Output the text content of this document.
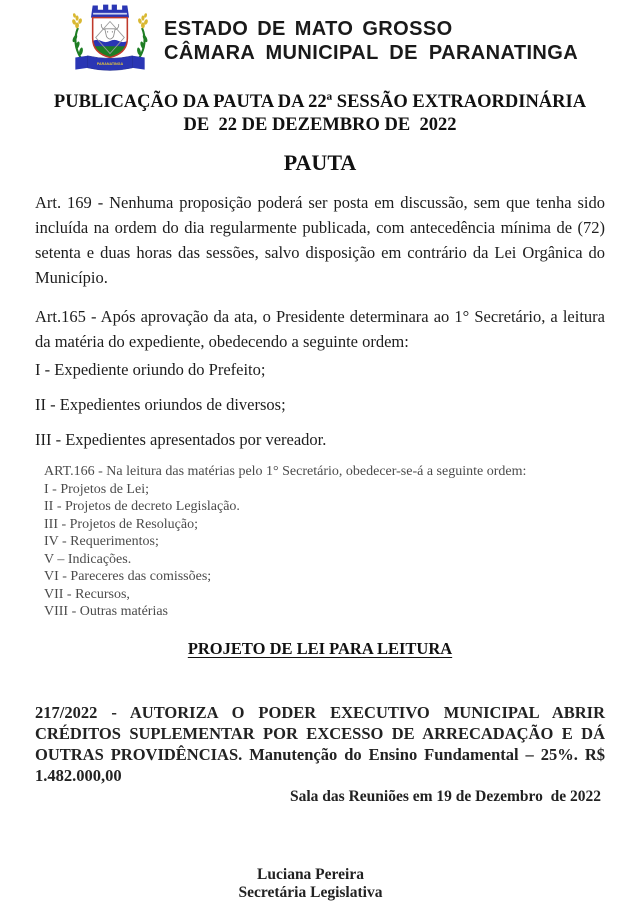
PARANATINGA
ESTADO DE MATO GROSSO
CÂMARA MUNICIPAL DE PARANATINGA
PUBLICAÇÃO DA PAUTA DA 22ª SESSÃO EXTRAORDINÁRIA
DE  22 DE DEZEMBRO DE  2022
PAUTA

Art. 169 - Nenhuma proposição poderá ser posta em discussão, sem que tenha sido incluída na ordem do dia regularmente publicada, com antecedência mínima de (72) setenta e duas horas das sessões, salvo disposição em contrário da Lei Orgânica do Município.

Art.165 - Após aprovação da ata, o Presidente determinara ao 1° Secretário, a leitura da matéria do expediente, obedecendo a seguinte ordem:

I - Expediente oriundo do Prefeito;
II - Expedientes oriundos de diversos;
III - Expedientes apresentados por vereador.
ART.166 - Na leitura das matérias pelo 1° Secretário, obedecer-se-á a seguinte ordem:
I - Projetos de Lei;
II - Projetos de decreto Legislação.
III - Projetos de Resolução;
IV - Requerimentos;
V – Indicações.
VI - Pareceres das comissões;
VII - Recursos,
VIII - Outras matérias
PROJETO DE LEI PARA LEITURA

217/2022 - AUTORIZA O PODER EXECUTIVO MUNICIPAL ABRIR CRÉDITOS SUPLEMENTAR POR EXCESSO DE ARRECADAÇÃO E DÁ OUTRAS PROVIDÊNCIAS. Manutenção do Ensino Fundamental – 25%. R$ 1.482.000,00

Sala das Reuniões em 19 de Dezembro  de 2022
Luciana Pereira
Secretária Legislativa
